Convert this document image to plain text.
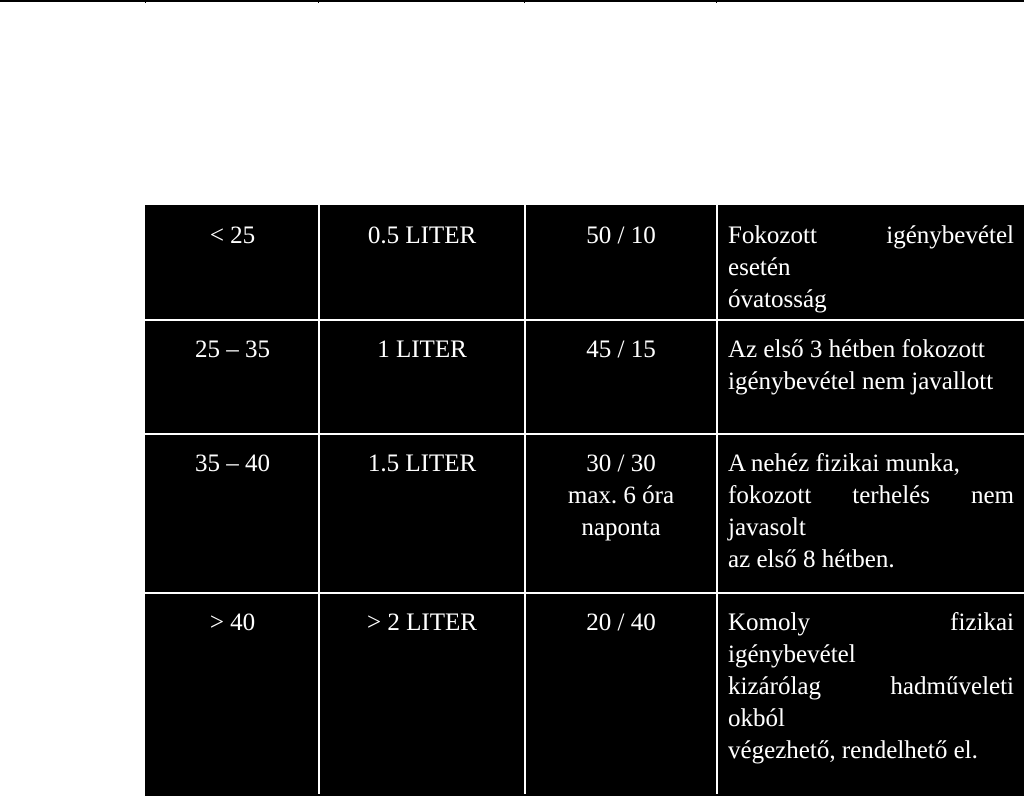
< 25	0.5 LITER	50 / 10	Fokozott igénybevétel esetén
óvatosság

25 – 35	1 LITER	45 / 15	Az első 3 hétben fokozott
igénybevétel nem javallott

35 – 40	1.5 LITER	30 / 30
max. 6 óra
naponta	A nehéz fizikai munka,
fokozott terhelés nem javasolt
az első 8 hétben.

> 40	> 2 LITER	20 / 40	Komoly fizikai igénybevétel
kizárólag hadműveleti okból
végezhető, rendelhető el.
